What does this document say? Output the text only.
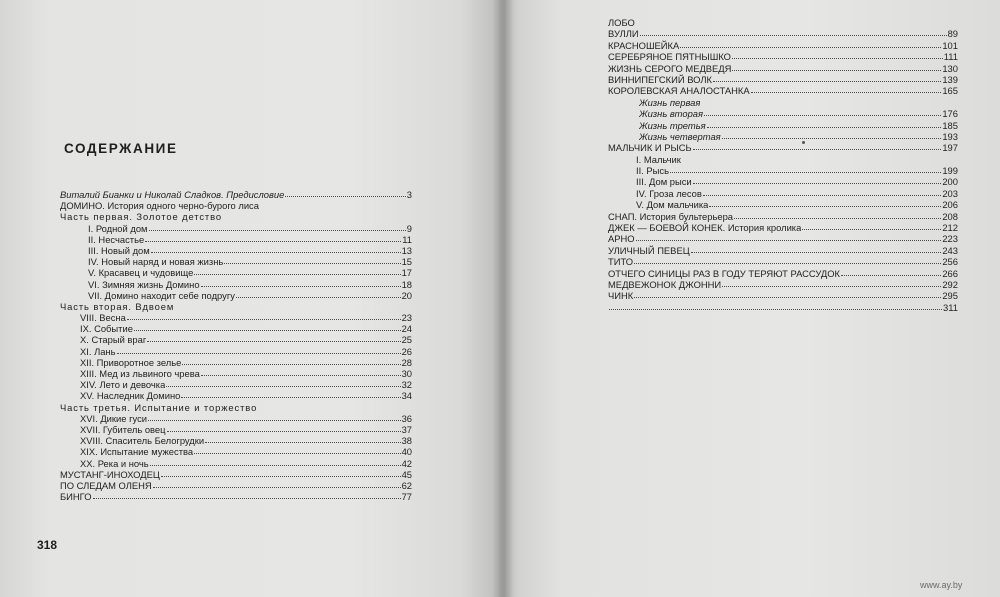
СОДЕРЖАНИЕ
Виталий Бианки и Николай Сладков. Предисловие	3
ДОМИНО. История одного черно-бурого лиса
Часть первая. Золотое детство
I. Родной дом	9
II. Несчастье	11
III. Новый дом	13
IV. Новый наряд и новая жизнь	15
V. Красавец и чудовище	17
VI. Зимняя жизнь Домино	18
VII. Домино находит себе подругу	20
Часть вторая. Вдвоем
VIII. Весна	23
IX. Событие	24
X. Старый враг	25
XI. Лань	26
XII. Приворотное зелье	28
XIII. Мед из львиного чрева	30
XIV. Лето и девочка	32
XV. Наследник Домино	34
Часть третья. Испытание и торжество
XVI. Дикие гуси	36
XVII. Губитель овец	37
XVIII. Спаситель Белогрудки	38
XIX. Испытание мужества	40
XX. Река и ночь	42
МУСТАНГ-ИНОХОДЕЦ	45
ПО СЛЕДАМ ОЛЕНЯ	62
БИНГО	77

318

ЛОБО
ВУЛЛИ	89
КРАСНОШЕЙКА	101
СЕРЕБРЯНОЕ ПЯТНЫШКО	111
ЖИЗНЬ СЕРОГО МЕДВЕДЯ	130
ВИННИПЕГСКИЙ ВОЛК	139
КОРОЛЕВСКАЯ АНАЛОСТАНКА	165
Жизнь первая
Жизнь вторая	176
Жизнь третья	185
Жизнь четвертая	193
МАЛЬЧИК И РЫСЬ	197
I. Мальчик
II. Рысь	199
III. Дом рыси	200
IV. Гроза лесов	203
V. Дом мальчика	206
СНАП. История бультерьера	208
ДЖЕК — БОЕВОЙ КОНЕК. История кролика	212
АРНО	223
УЛИЧНЫЙ ПЕВЕЦ	243
ТИТО	256
ОТЧЕГО СИНИЦЫ РАЗ В ГОДУ ТЕРЯЮТ РАССУДОК	266
МЕДВЕЖОНОК ДЖОННИ	292
ЧИНК	295
311

www.ay.by
